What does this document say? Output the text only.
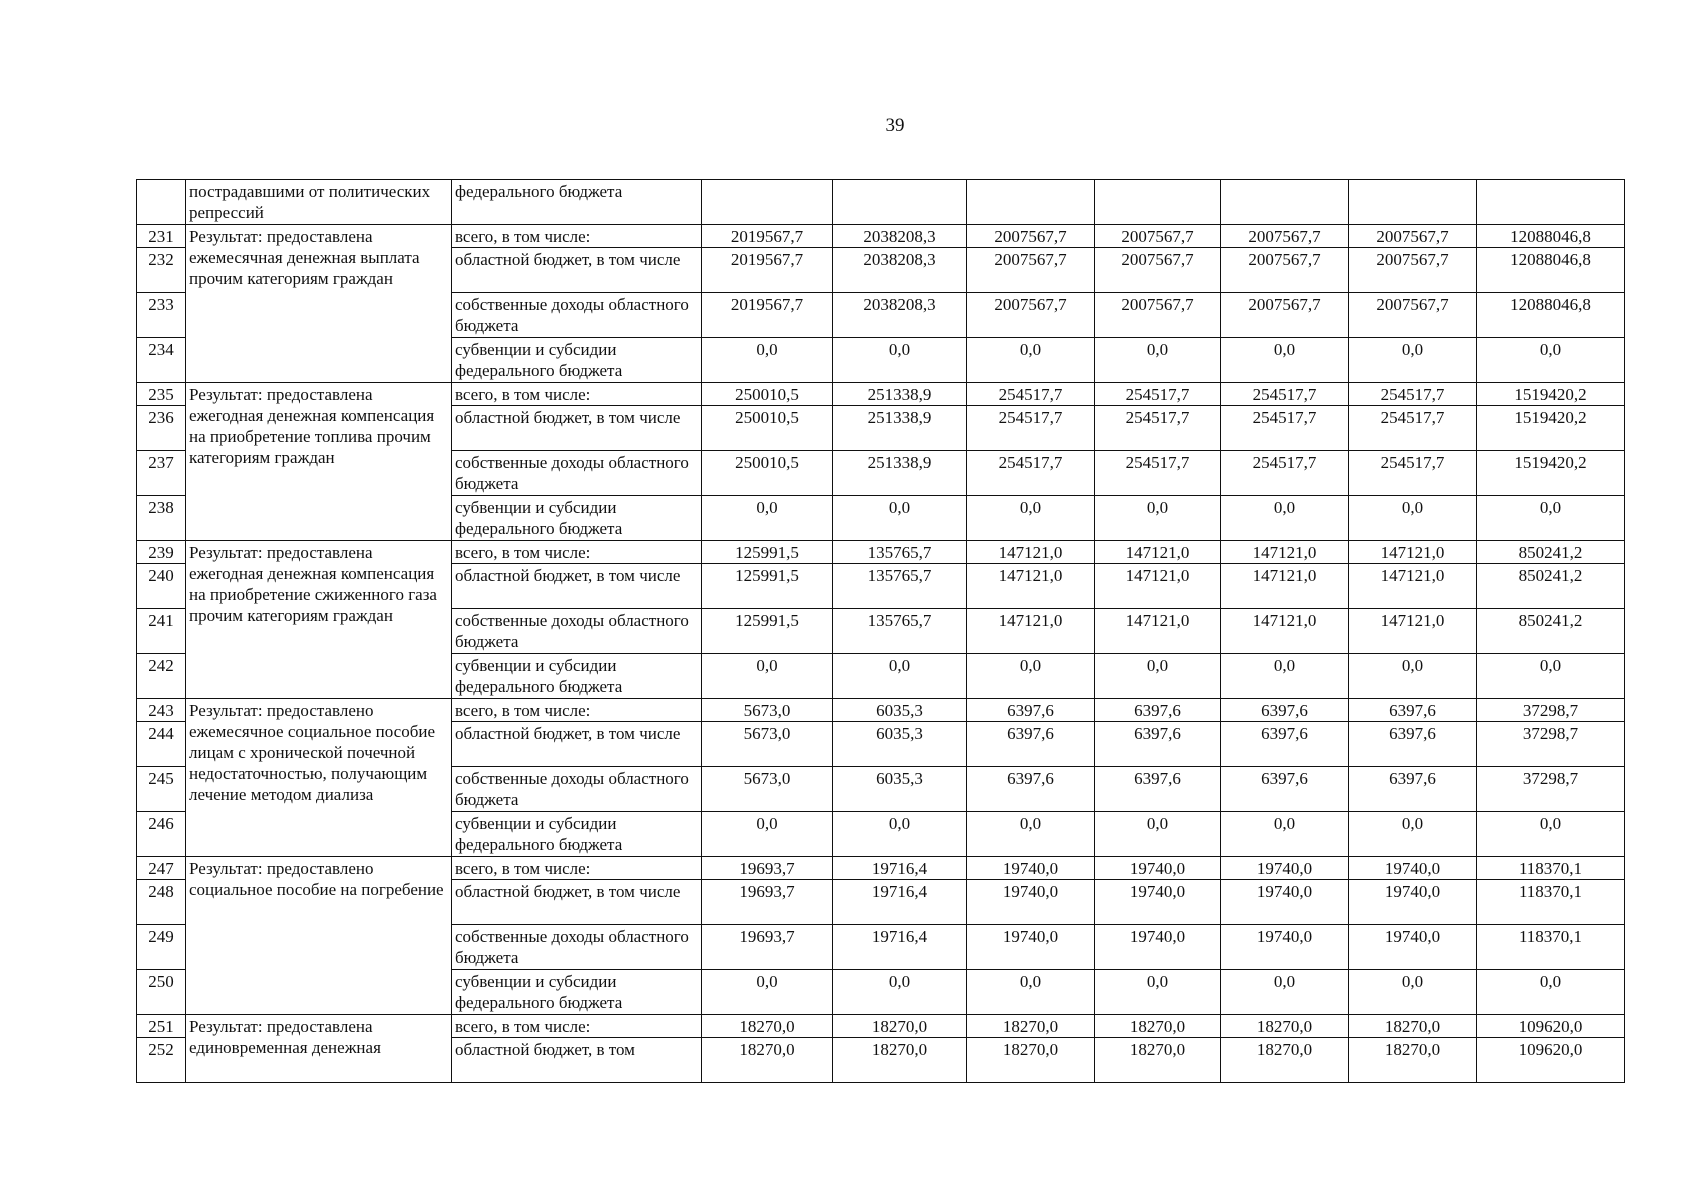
39
	пострадавшими от политических репрессий	федерального бюджета							
231	Результат: предоставлена ежемесячная денежная выплата прочим категориям граждан	всего, в том числе:	2019567,7	2038208,3	2007567,7	2007567,7	2007567,7	2007567,7	12088046,8
232		областной бюджет, в том числе	2019567,7	2038208,3	2007567,7	2007567,7	2007567,7	2007567,7	12088046,8
233		собственные доходы областного бюджета	2019567,7	2038208,3	2007567,7	2007567,7	2007567,7	2007567,7	12088046,8
234		субвенции и субсидии федерального бюджета	0,0	0,0	0,0	0,0	0,0	0,0	0,0
235	Результат: предоставлена ежегодная денежная компенсация на приобретение топлива прочим категориям граждан	всего, в том числе:	250010,5	251338,9	254517,7	254517,7	254517,7	254517,7	1519420,2
236		областной бюджет, в том числе	250010,5	251338,9	254517,7	254517,7	254517,7	254517,7	1519420,2
237		собственные доходы областного бюджета	250010,5	251338,9	254517,7	254517,7	254517,7	254517,7	1519420,2
238		субвенции и субсидии федерального бюджета	0,0	0,0	0,0	0,0	0,0	0,0	0,0
239	Результат: предоставлена ежегодная денежная компенсация на приобретение сжиженного газа прочим категориям граждан	всего, в том числе:	125991,5	135765,7	147121,0	147121,0	147121,0	147121,0	850241,2
240		областной бюджет, в том числе	125991,5	135765,7	147121,0	147121,0	147121,0	147121,0	850241,2
241		собственные доходы областного бюджета	125991,5	135765,7	147121,0	147121,0	147121,0	147121,0	850241,2
242		субвенции и субсидии федерального бюджета	0,0	0,0	0,0	0,0	0,0	0,0	0,0
243	Результат: предоставлено ежемесячное социальное пособие лицам с хронической почечной недостаточностью, получающим лечение методом диализа	всего, в том числе:	5673,0	6035,3	6397,6	6397,6	6397,6	6397,6	37298,7
244		областной бюджет, в том числе	5673,0	6035,3	6397,6	6397,6	6397,6	6397,6	37298,7
245		собственные доходы областного бюджета	5673,0	6035,3	6397,6	6397,6	6397,6	6397,6	37298,7
246		субвенции и субсидии федерального бюджета	0,0	0,0	0,0	0,0	0,0	0,0	0,0
247	Результат: предоставлено социальное пособие на погребение	всего, в том числе:	19693,7	19716,4	19740,0	19740,0	19740,0	19740,0	118370,1
248		областной бюджет, в том числе	19693,7	19716,4	19740,0	19740,0	19740,0	19740,0	118370,1
249		собственные доходы областного бюджета	19693,7	19716,4	19740,0	19740,0	19740,0	19740,0	118370,1
250		субвенции и субсидии федерального бюджета	0,0	0,0	0,0	0,0	0,0	0,0	0,0
251	Результат: предоставлена единовременная денежная	всего, в том числе:	18270,0	18270,0	18270,0	18270,0	18270,0	18270,0	109620,0
252		областной бюджет, в том	18270,0	18270,0	18270,0	18270,0	18270,0	18270,0	109620,0
